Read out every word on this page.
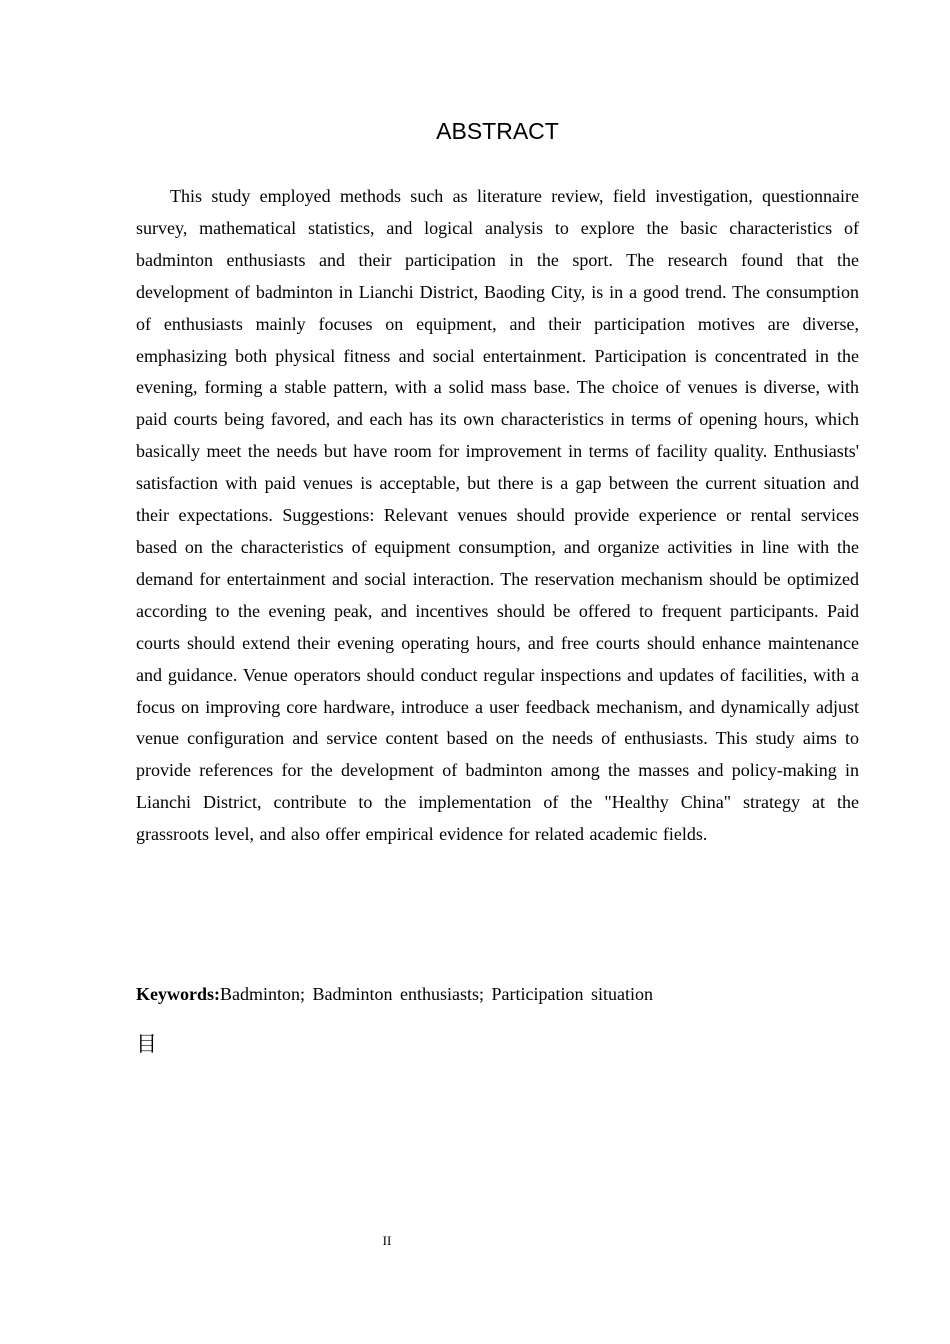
ABSTRACT

This study employed methods such as literature review, field investigation, questionnaire survey, mathematical statistics, and logical analysis to explore the basic characteristics of badminton enthusiasts and their participation in the sport. The research found that the development of badminton in Lianchi District, Baoding City, is in a good trend. The consumption of enthusiasts mainly focuses on equipment, and their participation motives are diverse, emphasizing both physical fitness and social entertainment. Participation is concentrated in the evening, forming a stable pattern, with a solid mass base. The choice of venues is diverse, with paid courts being favored, and each has its own characteristics in terms of opening hours, which basically meet the needs but have room for improvement in terms of facility quality. Enthusiasts' satisfaction with paid venues is acceptable, but there is a gap between the current situation and their expectations. Suggestions: Relevant venues should provide experience or rental services based on the characteristics of equipment consumption, and organize activities in line with the demand for entertainment and social interaction. The reservation mechanism should be optimized according to the evening peak, and incentives should be offered to frequent participants. Paid courts should extend their evening operating hours, and free courts should enhance maintenance and guidance. Venue operators should conduct regular inspections and updates of facilities, with a focus on improving core hardware, introduce a user feedback mechanism, and dynamically adjust venue configuration and service content based on the needs of enthusiasts. This study aims to provide references for the development of badminton among the masses and policy-making in Lianchi District, contribute to the implementation of the "Healthy China" strategy at the grassroots level, and also offer empirical evidence for related academic fields.

Keywords:Badminton; Badminton enthusiasts; Participation situation

目
II
